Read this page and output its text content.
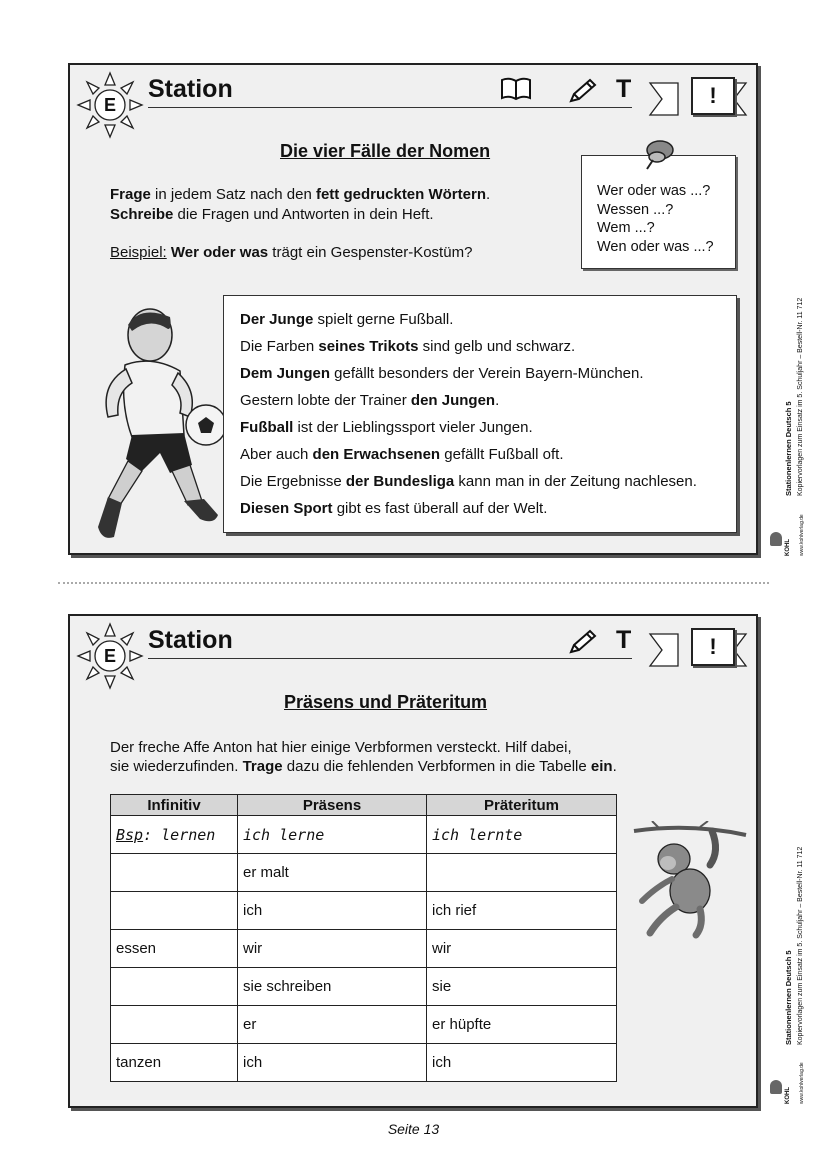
E
Station	T	!
Die vier Fälle der Nomen
Frage in jedem Satz nach den fett gedruckten Wörtern.
Schreibe die Fragen und Antworten in dein Heft.
Beispiel: Wer oder was trägt ein Gespenster-Kostüm?
Wer oder was ...?
Wessen ...?
Wem ...?
Wen oder was ...?
Der Junge spielt gerne Fußball.
Die Farben seines Trikots sind gelb und schwarz.
Dem Jungen gefällt besonders der Verein Bayern-München.
Gestern lobte der Trainer den Jungen.
Fußball ist der Lieblingssport vieler Jungen.
Aber auch den Erwachsenen gefällt Fußball oft.
Die Ergebnisse der Bundesliga kann man in der Zeitung nachlesen.
Diesen Sport gibt es fast überall auf der Welt.
E
Station	T	!
Präsens und Präteritum
Der freche Affe Anton hat hier einige Verbformen versteckt. Hilf dabei,
sie wiederzufinden. Trage dazu die fehlenden Verbformen in die Tabelle ein.
Infinitiv	Präsens	Präteritum
Bsp: lernen	ich lerne	ich lernte
	er malt	
	ich	ich rief
essen	wir	wir
	sie schreiben	sie
	er	er hüpfte
tanzen	ich	ich
Stationenlernen Deutsch 5 Kopiervorlagen zum Einsatz im 5. Schuljahr – Bestell-Nr. 11 712
KOHL	www.kohlverlag.de
Stationenlernen Deutsch 5 Kopiervorlagen zum Einsatz im 5. Schuljahr – Bestell-Nr. 11 712
KOHL	www.kohlverlag.de
Seite 13
